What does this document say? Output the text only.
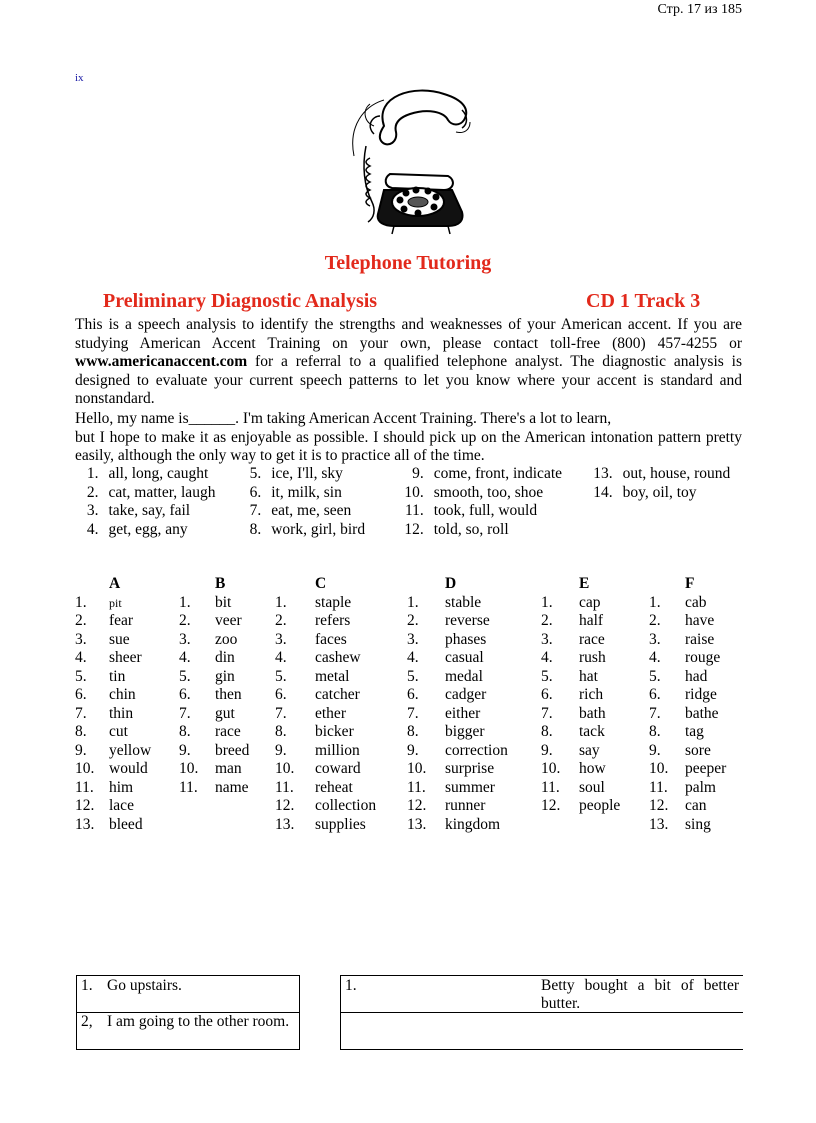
Стр. 17 из 185
ix
Telephone Tutoring
Preliminary Diagnostic Analysis	CD 1 Track 3
This is a speech analysis to identify the strengths and weaknesses of your American accent. If you are studying American Accent Training on your own, please contact toll-free (800) 457-4255 or www.americanaccent.com for a referral to a qualified telephone analyst. The diagnostic analysis is designed to evaluate your current speech patterns to let you know where your accent is standard and nonstandard.
Hello, my name is______. I'm taking American Accent Training. There's a lot to learn,
but I hope to make it as enjoyable as possible. I should pick up on the American intonation pattern pretty easily, although the only way to get it is to practice all of the time.
1.	all, long, caught	5.	ice, I'll, sky	9.	come, front, indicate	13.	out, house, round
2.	cat, matter, laugh	6.	it, milk, sin	10.	smooth, too, shoe	14.	boy, oil, toy
3.	take, say, fail	7.	eat, me, seen	11.	took, full, would		
4.	get, egg, any	8.	work, girl, bird	12.	told, so, roll		
	A		B		C		D		E		F
1.	pit	1.	bit	1.	staple	1.	stable	1.	cap	1.	cab
2.	fear	2.	veer	2.	refers	2.	reverse	2.	half	2.	have
3.	sue	3.	zoo	3.	faces	3.	phases	3.	race	3.	raise
4.	sheer	4.	din	4.	cashew	4.	casual	4.	rush	4.	rouge
5.	tin	5.	gin	5.	metal	5.	medal	5.	hat	5.	had
6.	chin	6.	then	6.	catcher	6.	cadger	6.	rich	6.	ridge
7.	thin	7.	gut	7.	ether	7.	either	7.	bath	7.	bathe
8.	cut	8.	race	8.	bicker	8.	bigger	8.	tack	8.	tag
9.	yellow	9.	breed	9.	million	9.	correction	9.	say	9.	sore
10.	would	10.	man	10.	coward	10.	surprise	10.	how	10.	peeper
11.	him	11.	name	11.	reheat	11.	summer	11.	soul	11.	palm
12.	lace			12.	collection	12.	runner	12.	people	12.	can
13.	bleed			13.	supplies	13.	kingdom			13.	sing
1. Go upstairs.
2, I am going to the other room.
1.	Betty bought a bit of better butter.
